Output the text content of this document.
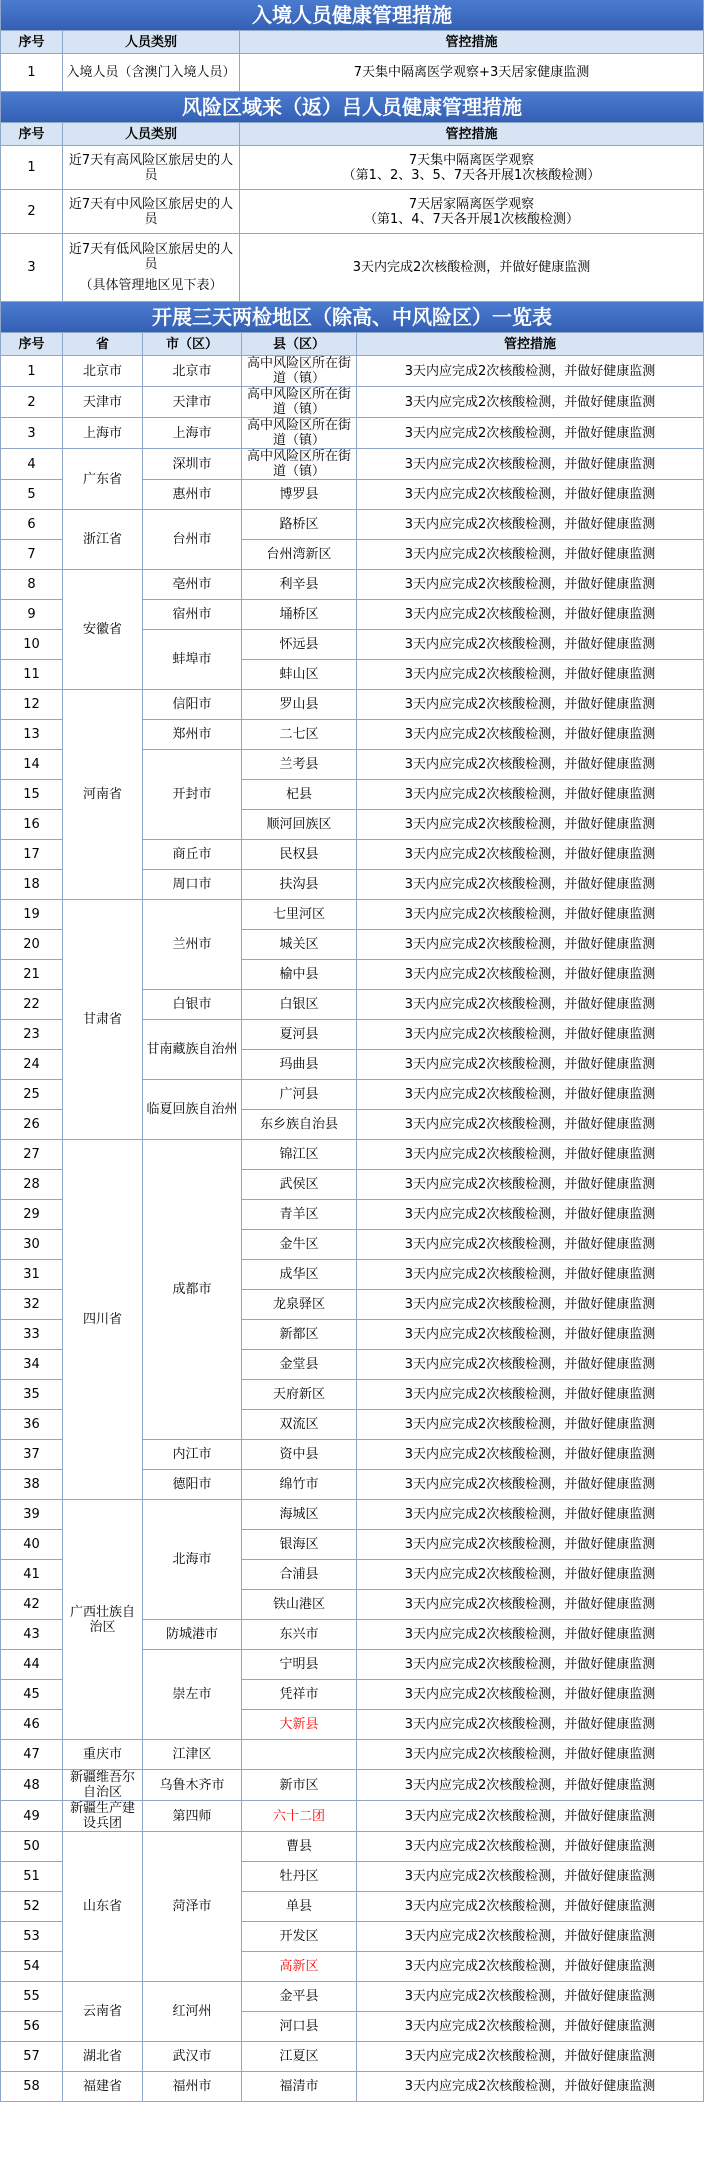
入境人员健康管理措施
序号	人员类别	管控措施
1	入境人员（含澳门入境人员）	7天集中隔离医学观察+3天居家健康监测
风险区域来（返）吕人员健康管理措施
序号	人员类别	管控措施
1	近7天有高风险区旅居史的人员	7天集中隔离医学观察
（第1、2、3、5、7天各开展1次核酸检测）

2	近7天有中风险区旅居史的人员	7天居家隔离医学观察
（第1、4、7天各开展1次核酸检测）

3	近7天有低风险区旅居史的人员
（具体管理地区见下表）	3天内完成2次核酸检测，并做好健康监测
开展三天两检地区（除高、中风险区）一览表
序号	省	市（区）	县（区）	管控措施
1	北京市	北京市	高中风险区所在街道（镇）	3天内应完成2次核酸检测，并做好健康监测
2	天津市	天津市	高中风险区所在街道（镇）	3天内应完成2次核酸检测，并做好健康监测
3	上海市	上海市	高中风险区所在街道（镇）	3天内应完成2次核酸检测，并做好健康监测
4	广东省	深圳市	高中风险区所在街道（镇）	3天内应完成2次核酸检测，并做好健康监测
5		惠州市	博罗县	3天内应完成2次核酸检测，并做好健康监测
6	浙江省	台州市	路桥区	3天内应完成2次核酸检测，并做好健康监测
7			台州湾新区	3天内应完成2次核酸检测，并做好健康监测
8	安徽省	亳州市	利辛县	3天内应完成2次核酸检测，并做好健康监测
9		宿州市	埇桥区	3天内应完成2次核酸检测，并做好健康监测
10		蚌埠市	怀远县	3天内应完成2次核酸检测，并做好健康监测
11			蚌山区	3天内应完成2次核酸检测，并做好健康监测
12	河南省	信阳市	罗山县	3天内应完成2次核酸检测，并做好健康监测
13		郑州市	二七区	3天内应完成2次核酸检测，并做好健康监测
14		开封市	兰考县	3天内应完成2次核酸检测，并做好健康监测
15			杞县	3天内应完成2次核酸检测，并做好健康监测
16			顺河回族区	3天内应完成2次核酸检测，并做好健康监测
17		商丘市	民权县	3天内应完成2次核酸检测，并做好健康监测
18		周口市	扶沟县	3天内应完成2次核酸检测，并做好健康监测
19	甘肃省	兰州市	七里河区	3天内应完成2次核酸检测，并做好健康监测
20			城关区	3天内应完成2次核酸检测，并做好健康监测
21			榆中县	3天内应完成2次核酸检测，并做好健康监测
22		白银市	白银区	3天内应完成2次核酸检测，并做好健康监测
23		甘南藏族自治州	夏河县	3天内应完成2次核酸检测，并做好健康监测
24			玛曲县	3天内应完成2次核酸检测，并做好健康监测
25		临夏回族自治州	广河县	3天内应完成2次核酸检测，并做好健康监测
26			东乡族自治县	3天内应完成2次核酸检测，并做好健康监测
27	四川省	成都市	锦江区	3天内应完成2次核酸检测，并做好健康监测
28			武侯区	3天内应完成2次核酸检测，并做好健康监测
29			青羊区	3天内应完成2次核酸检测，并做好健康监测
30			金牛区	3天内应完成2次核酸检测，并做好健康监测
31			成华区	3天内应完成2次核酸检测，并做好健康监测
32			龙泉驿区	3天内应完成2次核酸检测，并做好健康监测
33			新都区	3天内应完成2次核酸检测，并做好健康监测
34			金堂县	3天内应完成2次核酸检测，并做好健康监测
35			天府新区	3天内应完成2次核酸检测，并做好健康监测
36			双流区	3天内应完成2次核酸检测，并做好健康监测
37		内江市	资中县	3天内应完成2次核酸检测，并做好健康监测
38		德阳市	绵竹市	3天内应完成2次核酸检测，并做好健康监测
39	广西壮族自治区	北海市	海城区	3天内应完成2次核酸检测，并做好健康监测
40			银海区	3天内应完成2次核酸检测，并做好健康监测
41			合浦县	3天内应完成2次核酸检测，并做好健康监测
42			铁山港区	3天内应完成2次核酸检测，并做好健康监测
43		防城港市	东兴市	3天内应完成2次核酸检测，并做好健康监测
44		崇左市	宁明县	3天内应完成2次核酸检测，并做好健康监测
45			凭祥市	3天内应完成2次核酸检测，并做好健康监测
46			大新县	3天内应完成2次核酸检测，并做好健康监测
47	重庆市	江津区		3天内应完成2次核酸检测，并做好健康监测
48	新疆维吾尔自治区	乌鲁木齐市	新市区	3天内应完成2次核酸检测，并做好健康监测
49	新疆生产建设兵团	第四师	六十二团	3天内应完成2次核酸检测，并做好健康监测
50	山东省	菏泽市	曹县	3天内应完成2次核酸检测，并做好健康监测
51			牡丹区	3天内应完成2次核酸检测，并做好健康监测
52			单县	3天内应完成2次核酸检测，并做好健康监测
53			开发区	3天内应完成2次核酸检测，并做好健康监测
54			高新区	3天内应完成2次核酸检测，并做好健康监测
55	云南省	红河州	金平县	3天内应完成2次核酸检测，并做好健康监测
56			河口县	3天内应完成2次核酸检测，并做好健康监测
57	湖北省	武汉市	江夏区	3天内应完成2次核酸检测，并做好健康监测
58	福建省	福州市	福清市	3天内应完成2次核酸检测，并做好健康监测
